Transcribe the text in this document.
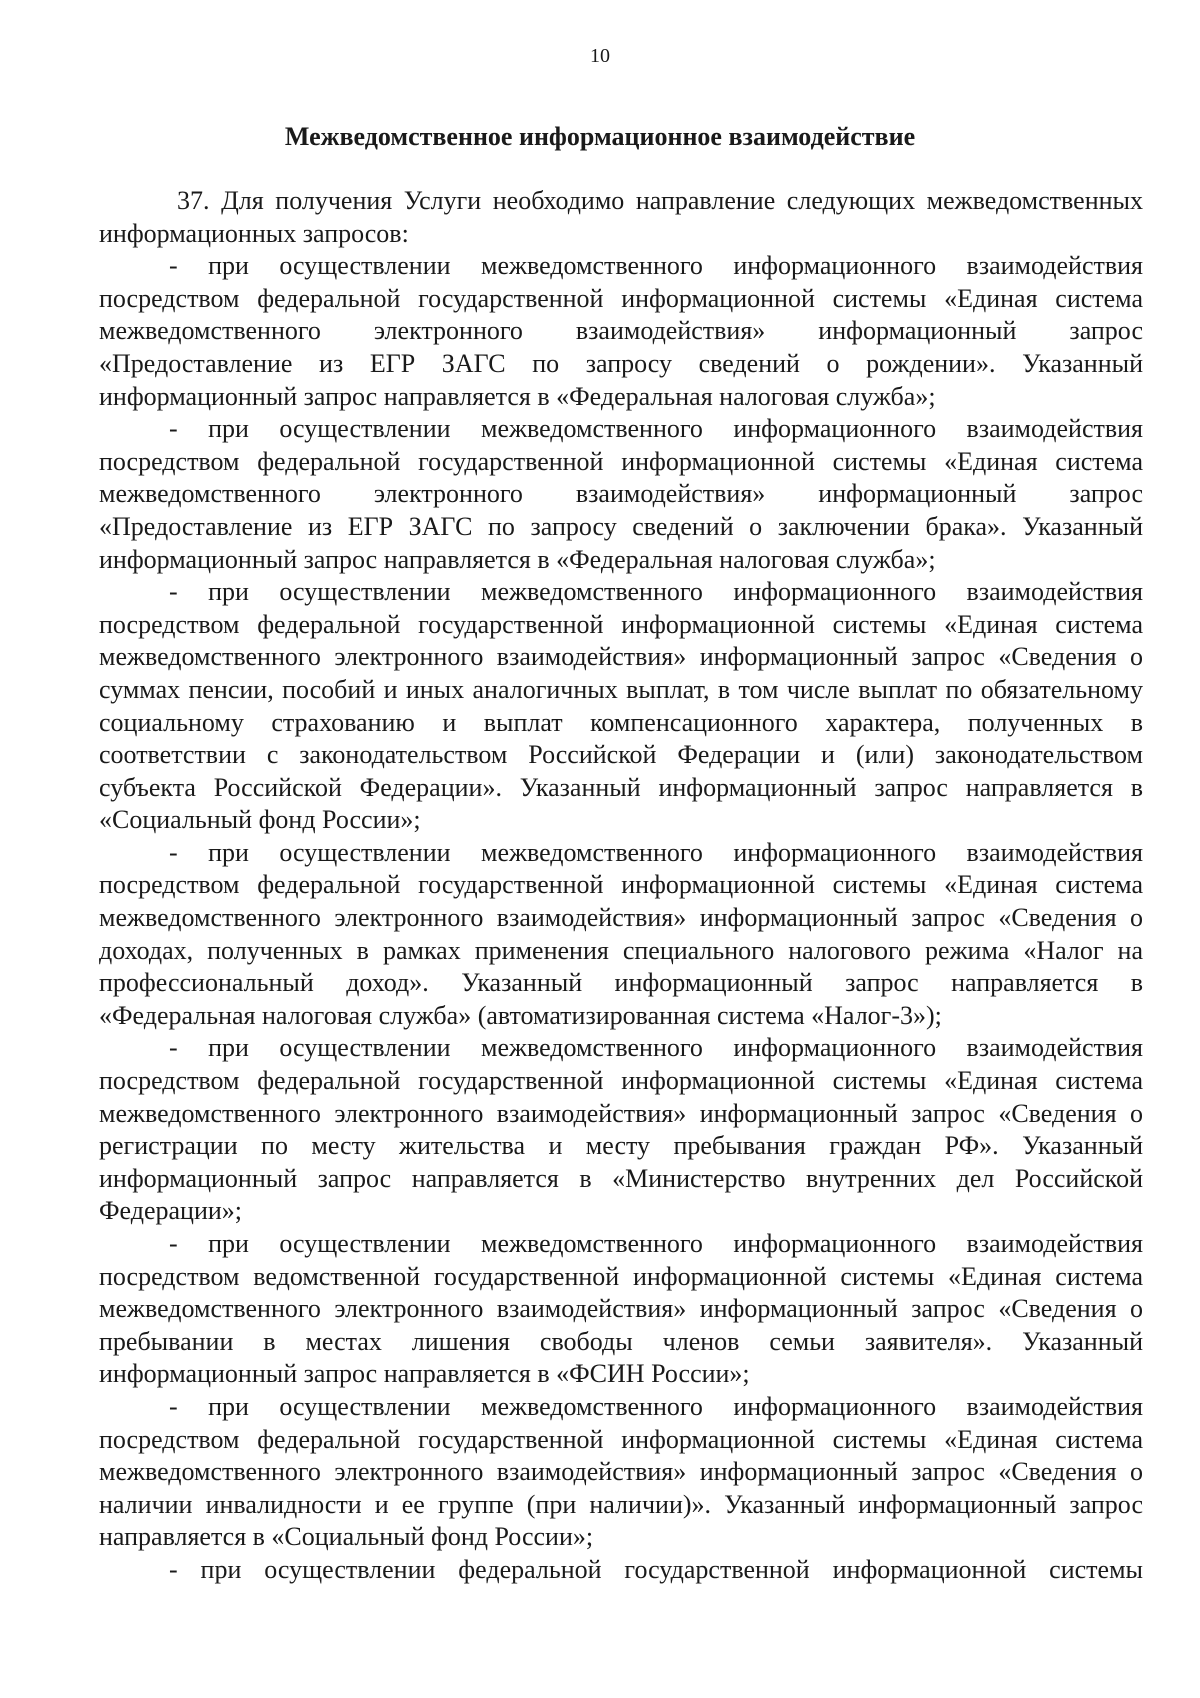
10
Межведомственное информационное взаимодействие

37. Для получения Услуги необходимо направление следующих межведомственных информационных запросов:

- при осуществлении межведомственного информационного взаимодействия посредством федеральной государственной информационной системы «Единая система межведомственного электронного взаимодействия» информационный запрос «Предоставление из ЕГР ЗАГС по запросу сведений о рождении». Указанный информационный запрос направляется в «Федеральная налоговая служба»;

- при осуществлении межведомственного информационного взаимодействия посредством федеральной государственной информационной системы «Единая система межведомственного электронного взаимодействия» информационный запрос «Предоставление из ЕГР ЗАГС по запросу сведений о заключении брака». Указанный информационный запрос направляется в «Федеральная налоговая служба»;

- при осуществлении межведомственного информационного взаимодействия посредством федеральной государственной информационной системы «Единая система межведомственного электронного взаимодействия» информационный запрос «Сведения о суммах пенсии, пособий и иных аналогичных выплат, в том числе выплат по обязательному социальному страхованию и выплат компенсационного характера, полученных в соответствии с законодательством Российской Федерации и (или) законодательством субъекта Российской Федерации». Указанный информационный запрос направляется в «Социальный фонд России»;

- при осуществлении межведомственного информационного взаимодействия посредством федеральной государственной информационной системы «Единая система межведомственного электронного взаимодействия» информационный запрос «Сведения о доходах, полученных в рамках применения специального налогового режима «Налог на профессиональный доход». Указанный информационный запрос направляется в «Федеральная налоговая служба» (автоматизированная система «Налог-3»);

- при осуществлении межведомственного информационного взаимодействия посредством федеральной государственной информационной системы «Единая система межведомственного электронного взаимодействия» информационный запрос «Сведения о регистрации по месту жительства и месту пребывания граждан РФ». Указанный информационный запрос направляется в «Министерство внутренних дел Российской Федерации»;

- при осуществлении межведомственного информационного взаимодействия посредством ведомственной государственной информационной системы «Единая система межведомственного электронного взаимодействия» информационный запрос «Сведения о пребывании в местах лишения свободы членов семьи заявителя». Указанный информационный запрос направляется в «ФСИН России»;

- при осуществлении межведомственного информационного взаимодействия посредством федеральной государственной информационной системы «Единая система межведомственного электронного взаимодействия» информационный запрос «Сведения о наличии инвалидности и ее группе (при наличии)». Указанный информационный запрос направляется в «Социальный фонд России»;

- при осуществлении федеральной государственной информационной системы
